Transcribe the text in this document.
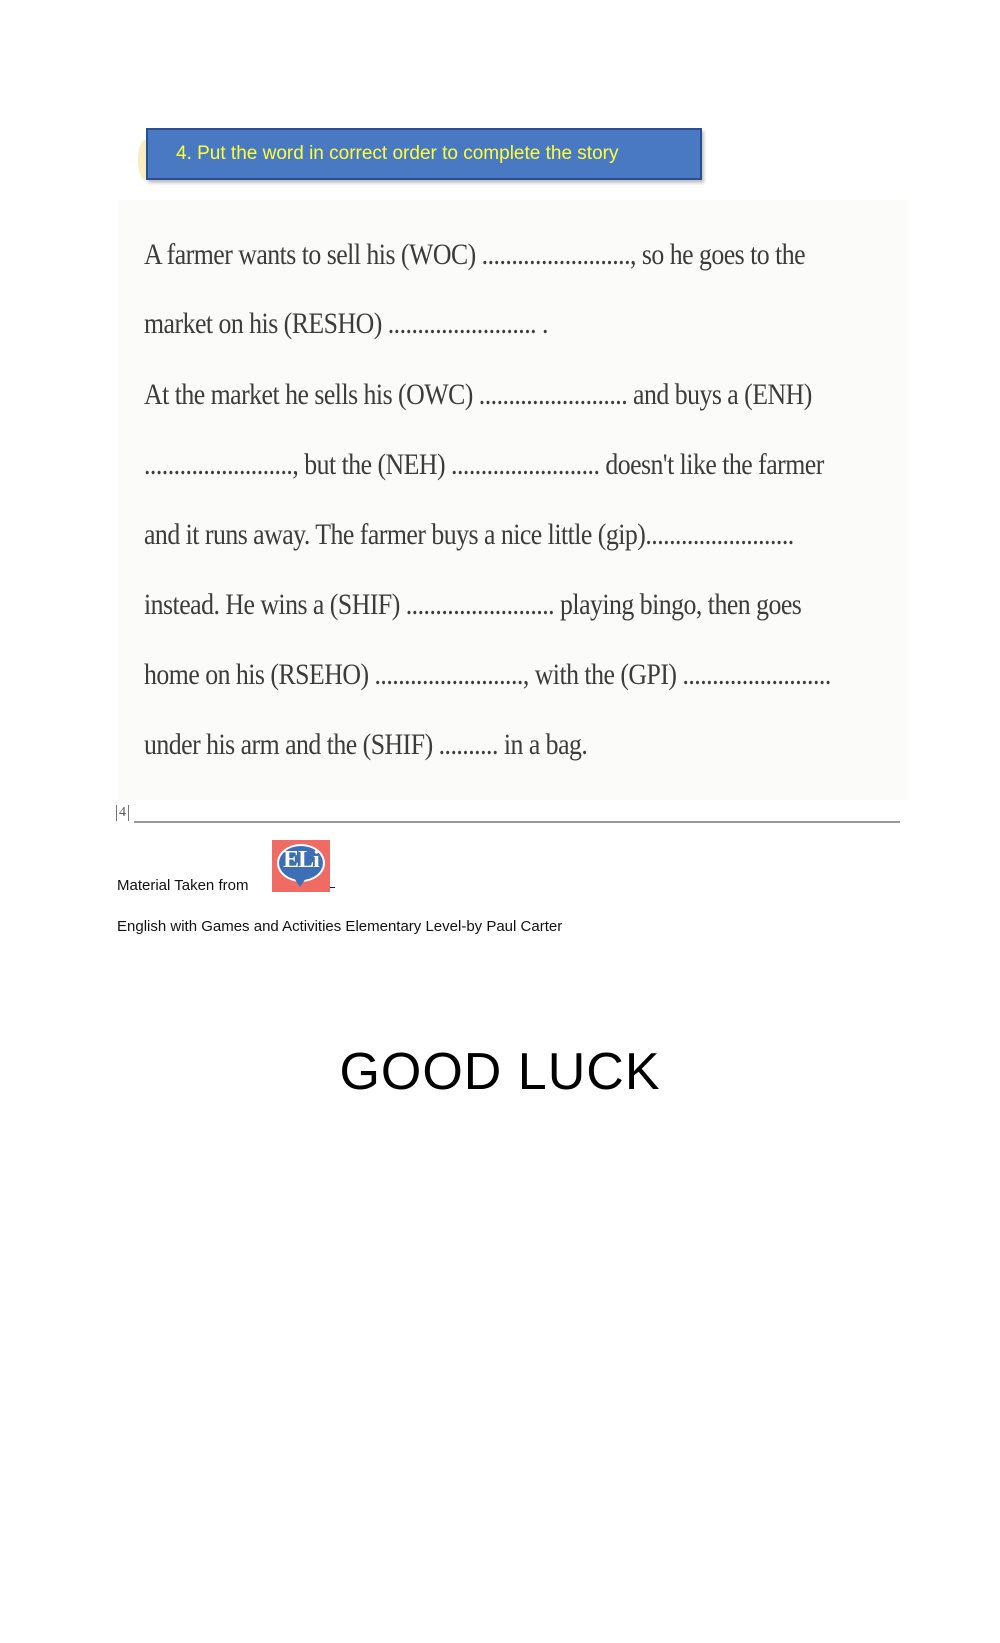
4. Put the word in correct order to complete the story
A farmer wants to sell his (WOC) ........................., so he goes to the
market on his (RESHO) ......................... .
At the market he sells his (OWC) ......................... and buys a (ENH)
........................., but the (NEH) ......................... doesn't like the farmer
and it runs away. The farmer buys a nice little (gip).........................
instead. He wins a (SHIF) ......................... playing bingo, then goes
home on his (RSEHO) ........................., with the (GPI) .........................
under his arm and the (SHIF) .......... in a bag.
4
Material Taken from
ELi
English with Games and Activities Elementary Level-by Paul Carter
GOOD LUCK
